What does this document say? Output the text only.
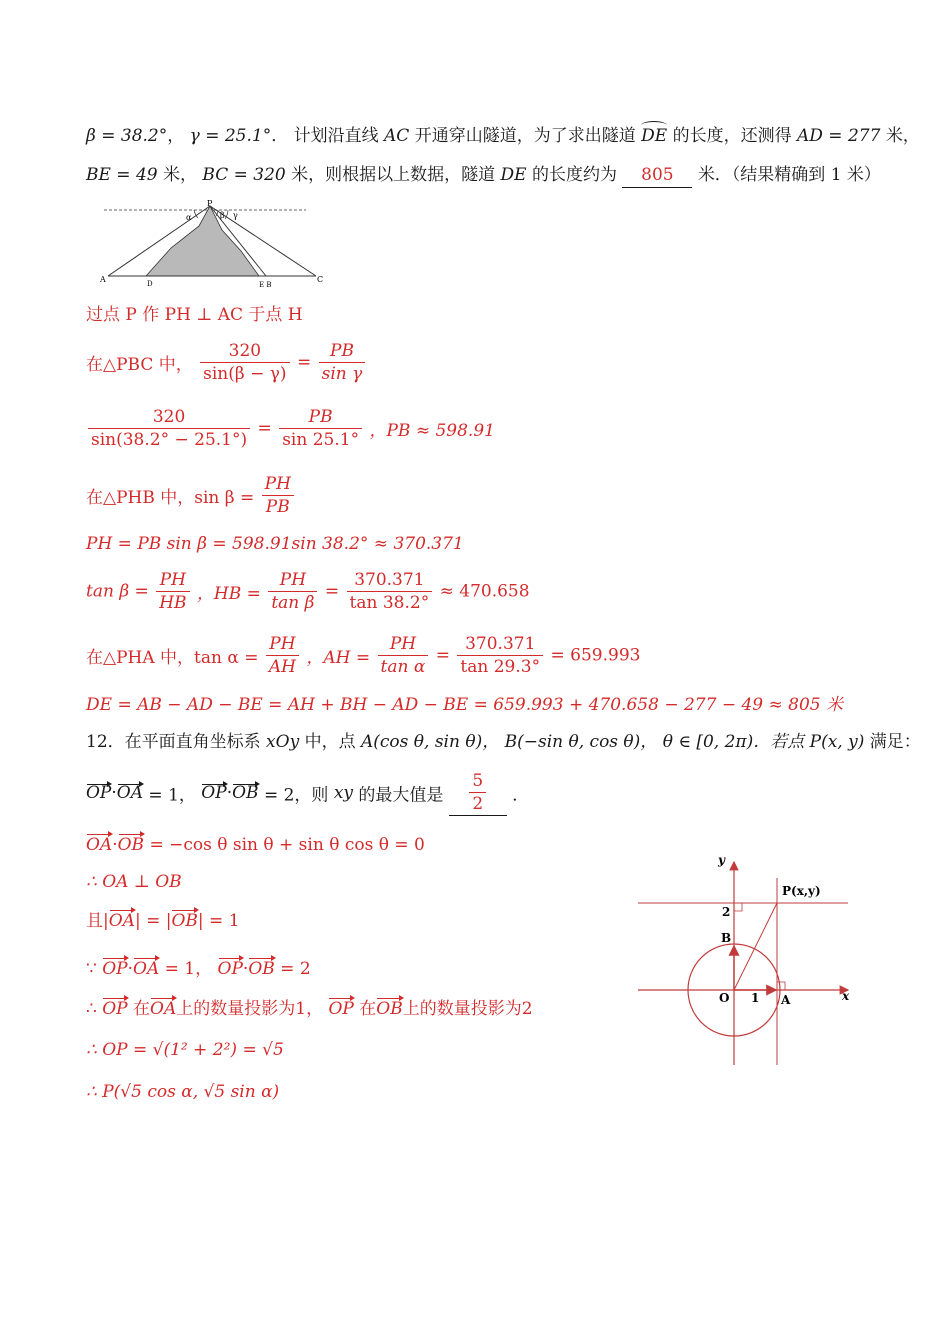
β = 38.2°， γ = 25.1°． 计划沿直线 AC 开通穿山隧道，为了求出隧道 DE 的长度，还测得 AD = 277 米，
BE = 49 米， BC = 320 米，则根据以上数据，隧道 DE 的长度约为 805 米．（结果精确到 1 米）
P
α	β γ
A	D	E B
C
过点 P 作 PH ⊥ AC 于点 H
在△PBC 中， $\frac{320}{\sin(\beta - \gamma)} = \frac{PB}{\text{sin γ}}$
$\frac{320}{\sin(38.2^\circ - 25.1^\circ)} = \frac{PB}{\sin 25.1^\circ}$ ，PB ≈ 598.91
在△PHB 中，$\sin \beta = \frac{PH}{PB}$
PH = PB sin β = 598.91sin 38.2° ≈ 370.371
$\tan \beta = \frac{PH}{HB}$ ，HB = $\frac{PH}{\text{tan β}} = \frac{370.371}{\tan 38.2^\circ} \approx 470.658$
在△PHA 中，$\tan \alpha = \frac{PH}{AH}$ ，AH = $\frac{PH}{\text{tan α}} = \frac{370.371}{\tan 29.3^\circ} = 659.993$
DE = AB − AD − BE = AH + BH − AD − BE = 659.993 + 470.658 − 277 − 49 ≈ 805 米
12．在平面直角坐标系 xOy 中，点 A(cos θ, sin θ)， B(−sin θ, cos θ)， θ ∈ [0, 2π)．若点 P(x, y) 满足：
OP·OA = 1， OP·OB = 2，则 xy 的最大值是 $\frac{5}{2}$ ．
OA·OB = −cos θ sin θ + sin θ cos θ = 0
∴ OA ⊥ OB
且|OA| = |OB| = 1
∵ OP·OA = 1， OP·OB = 2
∴ OP 在OA上的数量投影为1， OP 在OB上的数量投影为2
∴ OP = √(1² + 2²) = √5
∴ P(√5 cos α, √5 sin α)
y
x
P(x,y)
2
B
O 1 A
